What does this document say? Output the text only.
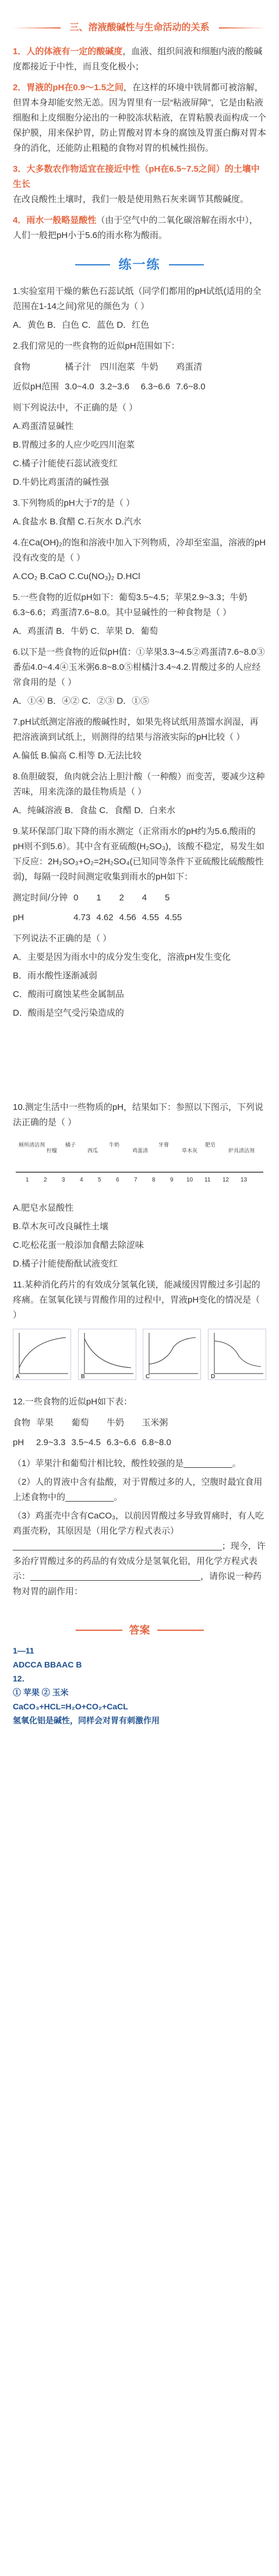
三、溶液酸碱性与生命活动的关系

1．人的体液有一定的酸碱度，血液、组织间液和细胞内液的酸碱度都接近于中性，而且变化极小；

2．胃液的pH在0.9～1.5之间，在这样的环境中铁屑都可被溶解，但胃本身却能安然无恙。因为胃里有一层“粘液屏障”，它是由粘液细胞和上皮细胞分泌出的一种胶冻状粘液，在胃粘膜表面构成一个保护膜，用来保护胃，防止胃酸对胃本身的腐蚀及胃蛋白酶对胃本身的消化，还能防止粗糙的食物对胃的机械性损伤。

3．大多数农作物适宜在接近中性（pH在6.5~7.5之间）的土壤中生长
在改良酸性土壤时，我们一般是使用熟石灰来调节其酸碱度。

4．雨水一般略显酸性（由于空气中的二氧化碳溶解在雨水中），人们一般把pH小于5.6的雨水称为酸雨。

练一练

1.实验室用干燥的紫色石蕊试纸（同学们都用的pH试纸(适用的全范围在1-14之间)常见的颜色为（ ）

A．黄色 B．白色 C．蓝色 D．红色

2.我们常见的一些食物的近似pH范围如下：

食物	橘子汁	四川泡菜	牛奶	鸡蛋清
近似pH范围	3.0~4.0	3.2~3.6	6.3~6.6	7.6~8.0

则下列说法中，不正确的是（ ）

A.鸡蛋清显碱性

B.胃酸过多的人应少吃四川泡菜

C.橘子汁能使石蕊试液变红

D.牛奶比鸡蛋清的碱性强

3.下列物质的pH大于7的是（ ）

A.食盐水 B.食醋 C.石灰水 D.汽水

4.在Ca(OH)₂的饱和溶液中加入下列物质，冷却至室温，溶液的pH没有改变的是（ ）

A.CO₂ B.CaO C.Cu(NO₃)₂ D.HCl

5.一些食物的近似pH如下：葡萄3.5~4.5；苹果2.9~3.3；牛奶6.3~6.6；鸡蛋清7.6~8.0。其中显碱性的一种食物是（ ）

A．鸡蛋清 B．牛奶 C．苹果 D．葡萄

6.以下是一些食物的近似pH值：①苹果3.3~4.5②鸡蛋清7.6~8.0③番茄4.0~4.4④玉米粥6.8~8.0⑤柑橘汁3.4~4.2.胃酸过多的人应经常食用的是（ ）

A．①④ B．④② C．②③ D．①⑤

7.pH试纸测定溶液的酸碱性时，如果先将试纸用蒸馏水润湿，再把溶液滴到试纸上，则测得的结果与溶液实际的pH比较（ ）

A.偏低 B.偏高 C.相等 D.无法比较

8.鱼胆破裂，鱼肉就会沾上胆汁酸（一种酸）而变苦，要减少这种苦味，用来洗涤的最佳物质是（ ）

A．纯碱溶液 B．食盐 C．食醋 D．白来水

9.某环保部门取下降的雨水测定（正常雨水的pH约为5.6,酸雨的pH则不到5.6）。其中含有亚硫酸(H₂SO₃)，该酸不稳定，易发生如下反应：2H₂SO₃+O₂=2H₂SO₄(已知同等条件下亚硫酸比硫酸酸性弱)，每隔一段时间测定收集到雨水的pH如下：

测定时间/分钟	0	1	2	4	5
pH	4.73	4.62	4.56	4.55	4.55

下列说法不正确的是（ ）

A．主要是因为雨水中的成分发生变化，溶液pH发生变化

B．雨水酸性逐渐减弱

C．酸雨可腐蚀某些金属制品

D．酸雨是空气受污染造成的

10.测定生活中一些物质的pH，结果如下：参照以下图示，下列说法正确的是（ ）

厕所清洁剂
柠檬
橘子
西瓜
牛奶
鸡蛋清
牙膏
草木灰
肥皂
炉具清洁剂
1	2	3	4	5	6	7	8	9 10 11 12 13

A.肥皂水显酸性

B.草木灰可改良碱性土壤

C.吃松花蛋一般添加食醋去除涩味

D.橘子汁能使酚酞试液变红

11.某种消化药片的有效成分氢氧化镁，能减缓因胃酸过多引起的疼痛。在氢氧化镁与胃酸作用的过程中，胃液pH变化的情况是（ ）

A	B	C	D

12.一些食物的近似pH如下表：

食物	苹果	葡萄	牛奶	玉米粥
pH	2.9~3.3	3.5~4.5	6.3~6.6	6.8~8.0

（1）苹果汁和葡萄汁相比较，酸性较强的是__________。

（2）人的胃液中含有盐酸，对于胃酸过多的人，空腹时最宜食用上述食物中的__________。

（3）鸡蛋壳中含有CaCO₃，以前因胃酸过多导致胃痛时，有人吃鸡蛋壳粉，其原因是（用化学方程式表示）___________________________________________；现今，许多治疗胃酸过多的药品的有效成分是氢氧化铝，用化学方程式表示：___________________________________，请你说一种药物对胃的副作用：

答案
1—11
ADCCA BBAAC B
12．
① 苹果 ② 玉米
CaCO₃+HCL=H₂O+CO₂+CaCL
氢氧化铝是碱性，同样会对胃有刺激作用
